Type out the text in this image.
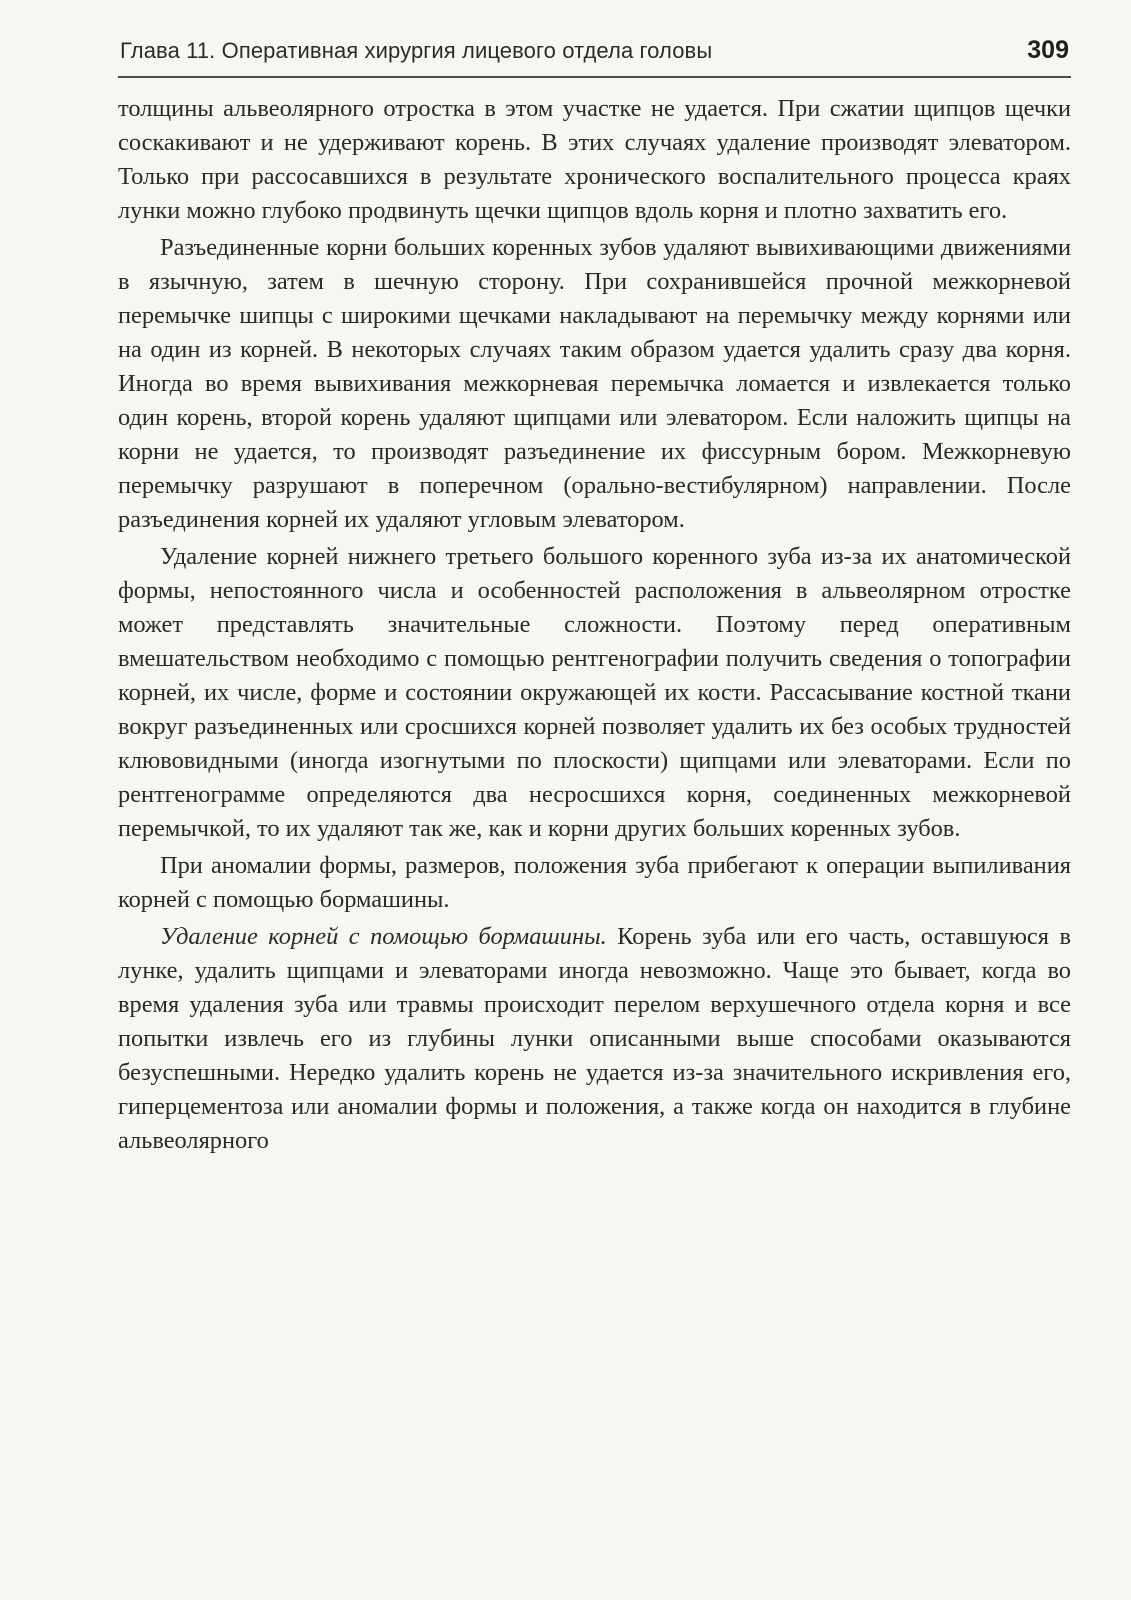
Глава 11. Оперативная хирургия лицевого отдела головы	309

толщины альвеолярного отростка в этом участке не удается. При сжатии щипцов щечки соскакивают и не удерживают корень. В этих случаях удаление производят элеватором. Только при рассосавшихся в результате хронического воспалительного процесса краях лунки можно глубоко продвинуть щечки щипцов вдоль корня и плотно захватить его.

Разъединенные корни больших коренных зубов удаляют вывихивающими движениями в язычную, затем в шечную сторону. При сохранившейся прочной межкорневой перемычке шипцы с широкими щечками накладывают на перемычку между корнями или на один из корней. В некоторых случаях таким образом удается удалить сразу два корня. Иногда во время вывихивания межкорневая перемычка ломается и извлекается только один корень, второй корень удаляют щипцами или элеватором. Если наложить щипцы на корни не удается, то производят разъединение их фиссурным бором. Межкорневую перемычку разрушают в поперечном (орально-вестибулярном) направлении. После разъединения корней их удаляют угловым элеватором.

Удаление корней нижнего третьего большого коренного зуба из-за их анатомической формы, непостоянного числа и особенностей расположения в альвеолярном отростке может представлять значительные сложности. Поэтому перед оперативным вмешательством необходимо с помощью рентгенографии получить сведения о топографии корней, их числе, форме и состоянии окружающей их кости. Рассасывание костной ткани вокруг разъединенных или сросшихся корней позволяет удалить их без особых трудностей клювовидными (иногда изогнутыми по плоскости) щипцами или элеваторами. Если по рентгенограмме определяются два несросшихся корня, соединенных межкорневой перемычкой, то их удаляют так же, как и корни других больших коренных зубов.

При аномалии формы, размеров, положения зуба прибегают к операции выпиливания корней с помощью бормашины.

Удаление корней с помощью бормашины. Корень зуба или его часть, оставшуюся в лунке, удалить щипцами и элеваторами иногда невозможно. Чаще это бывает, когда во время удаления зуба или травмы происходит перелом верхушечного отдела корня и все попытки извлечь его из глубины лунки описанными выше способами оказываются безуспешными. Нередко удалить корень не удается из-за значительного искривления его, гиперцементоза или аномалии формы и положения, а также когда он находится в глубине альвеолярного
